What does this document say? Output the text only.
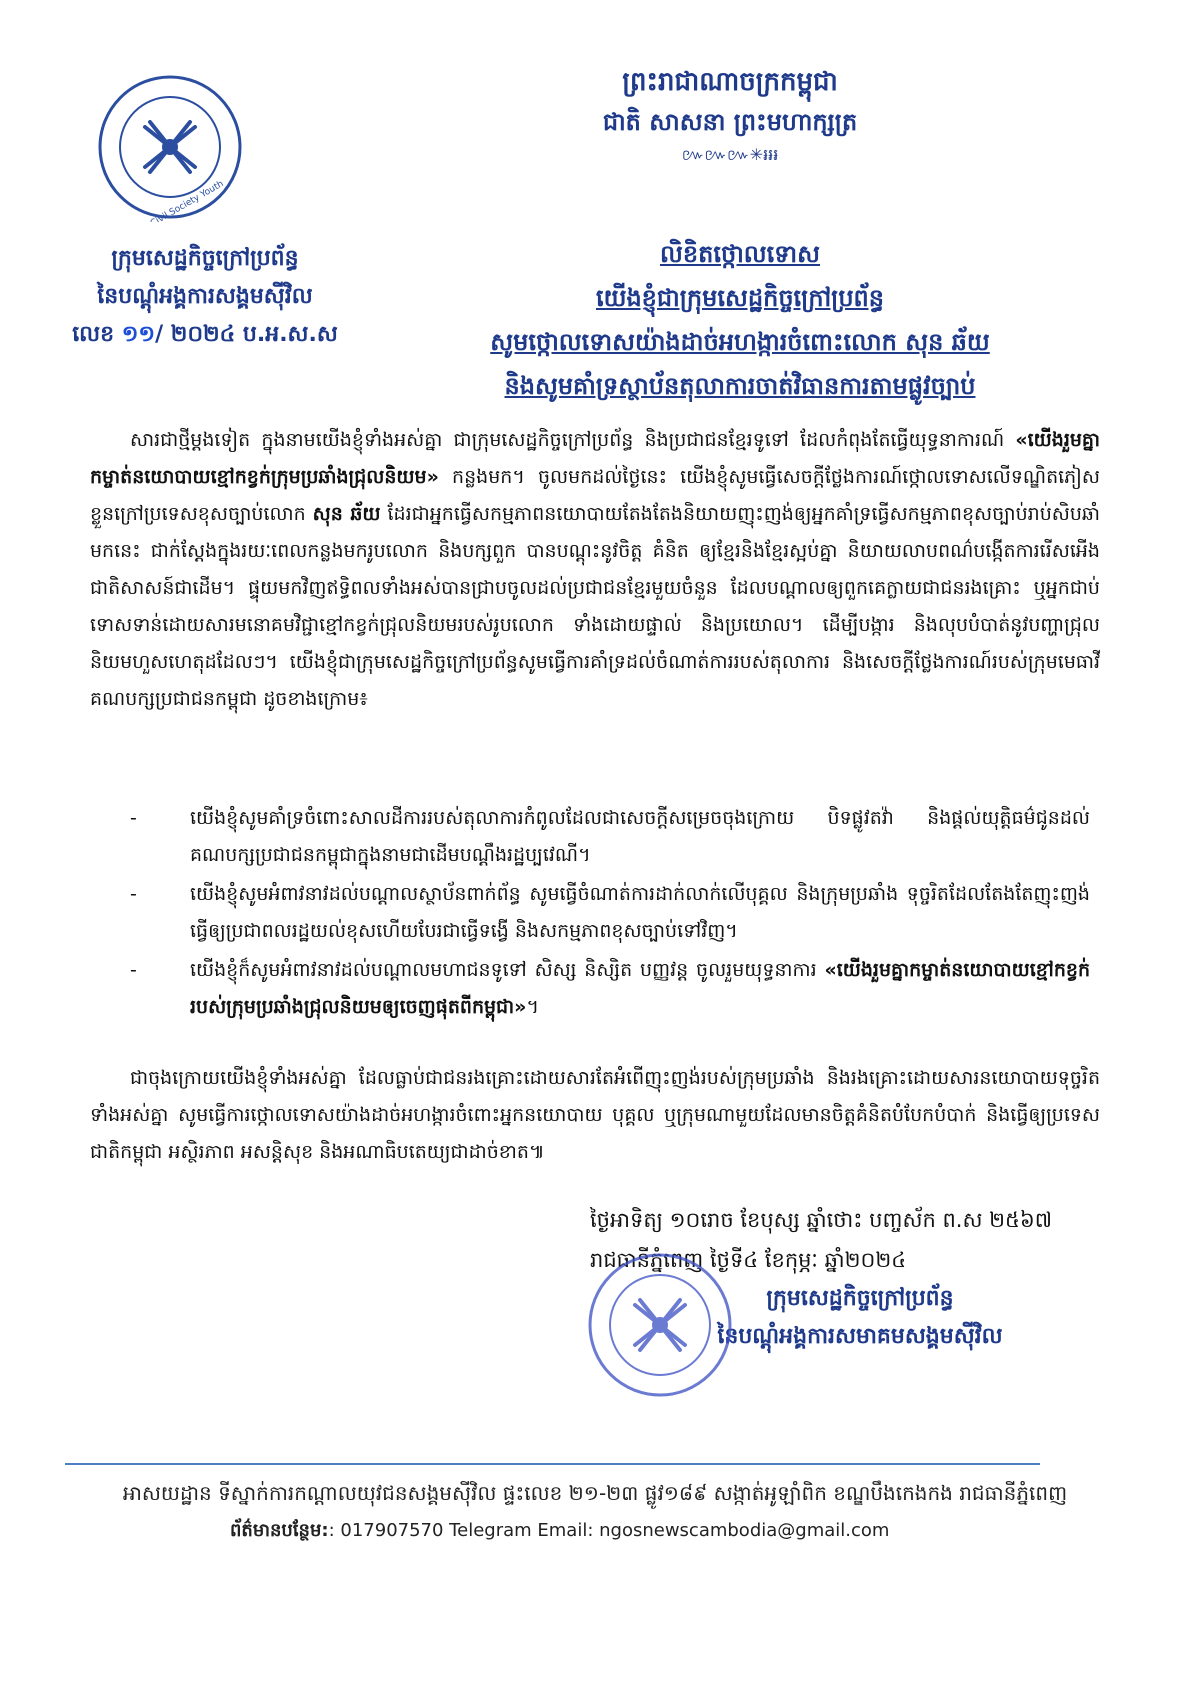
Civil Society Youth
ក្រុមសេដ្ឋកិច្ចក្រៅប្រព័ន្ធ
នៃបណ្ដុំអង្គការសង្គមស៊ីវិល
លេខ ១១/ ២០២៤ ប.អ.ស.ស
ព្រះរាជាណាចក្រកម្ពុជា
ជាតិ សាសនា ព្រះមហាក្សត្រ
៚៚៚✳៛៛៛
លិខិតថ្កោលទោស
យើងខ្ញុំជាក្រុមសេដ្ឋកិច្ចក្រៅប្រព័ន្ធ
សូមថ្កោលទោសយ៉ាងដាច់អហង្ការចំពោះលោក សុន ឆ័យ
និងសូមគាំទ្រស្ថាប័នតុលាការចាត់វិធានការតាមផ្លូវច្បាប់
សារជាថ្មីម្តងទៀត ក្នុងនាមយើងខ្ញុំទាំងអស់គ្នា ជាក្រុមសេដ្ឋកិច្ចក្រៅប្រព័ន្ធ និងប្រជាជនខ្មែរទូទៅ ដែលកំពុងតែធ្វើយុទ្ធនាការណ៍ «យើងរួមគ្នាកម្ចាត់នយោបាយខ្មៅកខ្វក់ក្រុមប្រឆាំងជ្រុលនិយម» កន្លងមក។ ចូលមកដល់ថ្ងៃនេះ យើងខ្ញុំសូមធ្វើសេចក្តីថ្លែងការណ៍ថ្កោលទោសលើទណ្ឌិតភៀសខ្លួនក្រៅប្រទេសខុសច្បាប់លោក សុន ឆ័យ ដែរជាអ្នកធ្វើសកម្មភាពនយោបាយតែងតែងនិយាយញុះញង់ឲ្យអ្នកគាំទ្រធ្វើសកម្មភាពខុសច្បាប់រាប់សិបឆាំមកនេះ ជាក់ស្តែងក្នុងរយៈពេលកន្លងមករូបលោក និងបក្សពួក បានបណ្តុះនូវចិត្ត គំនិត ឲ្យខ្មែរនិងខ្មែរស្អប់គ្នា និយាយលាបពណ៌បង្កើតការរើសអើងជាតិសាសន៍ជាដើម។ ផ្ទុយមកវិញឥទ្ធិពលទាំងអស់បានជ្រាបចូលដល់ប្រជាជនខ្មែរមួយចំនួន ដែលបណ្តាលឲ្យពួកគេក្លាយជាជនរងគ្រោះ ឬអ្នកជាប់ទោសទាន់ដោយសារមនោគមវិជ្ជាខ្មៅកខ្វក់ជ្រុលនិយមរបស់រូបលោក ទាំងដោយផ្ទាល់ និងប្រយោល។ ដើម្បីបង្ការ និងលុបបំបាត់នូវបញ្ហាជ្រុលនិយមហួសហេតុដដែលៗ។ យើងខ្ញុំជាក្រុមសេដ្ឋកិច្ចក្រៅប្រព័ន្ធសូមធ្វើការគាំទ្រដល់ចំណាត់ការរបស់តុលាការ និងសេចក្តីថ្លែងការណ៍របស់ក្រុមមេធាវីគណបក្សប្រជាជនកម្ពុជា ដូចខាងក្រោម៖
-	យើងខ្ញុំសូមគាំទ្រចំពោះសាលដីការរបស់តុលាការកំពូលដែលជាសេចក្តីសម្រេចចុងក្រោយ បិទផ្លូវតវ៉ា និងផ្តល់យុត្តិធម៌ជូនដល់គណបក្សប្រជាជនកម្ពុជាក្នុងនាមជាដើមបណ្តឹងរដ្ឋប្បវេណី។
-	យើងខ្ញុំសូមអំពាវនាវដល់បណ្តាលស្ថាប័នពាក់ព័ន្ធ សូមធ្វើចំណាត់ការដាក់លាក់លើបុគ្គល និងក្រុមប្រឆាំង ទុច្ចរិតដែលតែងតែញុះញង់ធ្វើឲ្យប្រជាពលរដ្ឋយល់ខុសហើយបែរជាធ្វើទង្វើ និងសកម្មភាពខុសច្បាប់ទៅវិញ។
-	យើងខ្ញុំក៏សូមអំពាវនាវដល់បណ្តាលមហាជនទូទៅ សិស្ស និស្សិត បញ្ញវន្ត ចូលរួមយុទ្ធនាការ «យើងរួមគ្នាកម្ចាត់នយោបាយខ្មៅកខ្វក់របស់ក្រុមប្រឆាំងជ្រុលនិយមឲ្យចេញផុតពីកម្ពុជា»។
ជាចុងក្រោយយើងខ្ញុំទាំងអស់គ្នា ដែលធ្លាប់ជាជនរងគ្រោះដោយសារតែអំពើញុះញង់របស់ក្រុមប្រឆាំង និងរងគ្រោះដោយសារនយោបាយទុច្ចរិតទាំងអស់គ្នា សូមធ្វើការថ្កោលទោសយ៉ាងដាច់អហង្ការចំពោះអ្នកនយោបាយ បុគ្គល ឬក្រុមណាមួយដែលមានចិត្តគំនិតបំបែកបំបាក់ និងធ្វើឲ្យប្រទេសជាតិកម្ពុជា អស្ថិរភាព អសន្តិសុខ និងអណាធិបតេយ្យជាដាច់ខាត៕
ថ្ងៃអាទិត្យ ១០រោច ខែបុស្ស ឆ្នាំថោះ បញ្ចស័ក ព.ស ២៥៦៧
រាជធានីភ្នំពេញ ថ្ងៃទី៤ ខែកុម្ភៈ ឆ្នាំ២០២៤
ក្រុមសេដ្ឋកិច្ចក្រៅប្រព័ន្ធ
នៃបណ្តុំអង្គការសមាគមសង្គមស៊ីវិល
អាសយដ្ឋាន ទីស្នាក់ការកណ្តាលយុវជនសង្គមស៊ីវិល ផ្ទះលេខ ២១-២៣ ផ្លូវ១៨៩ សង្កាត់អូឡាំពិក ខណ្ឌបឹងកេងកង រាជធានីភ្នំពេញ
ព័ត៌មានបន្ថែម:: 017907570 Telegram Email: ngosnewscambodia@gmail.com
